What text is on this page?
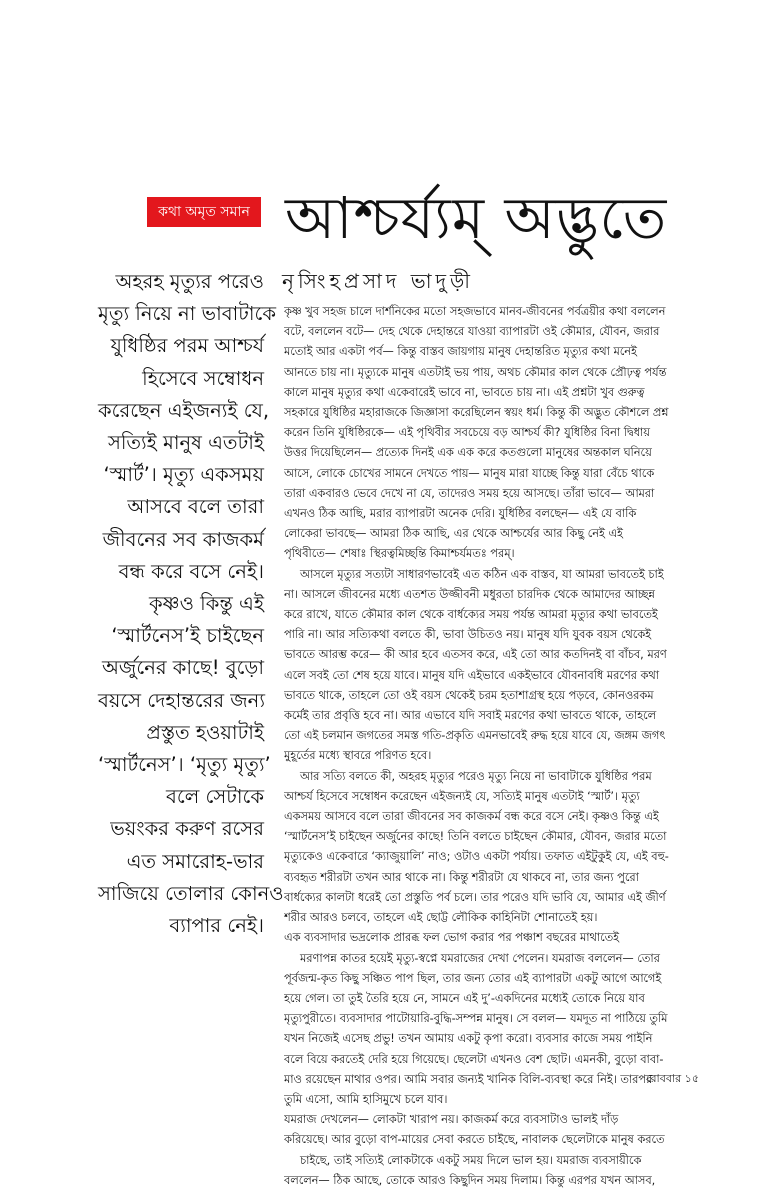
কথা অমৃত সমান আশ্চর্য্যম্ অদ্ভুতে
নৃসিংহপ্রসাদ ভাদুড়ী
অহরহ মৃত্যুর পরেও
মৃত্যু নিয়ে না ভাবাটাকে
যুধিষ্ঠির পরম আশ্চর্য
হিসেবে সম্বোধন
করেছেন এইজন্যই যে,
সত্যিই মানুষ এতটাই
‘স্মার্ট’। মৃত্যু একসময়
আসবে বলে তারা
জীবনের সব কাজকর্ম
বন্ধ করে বসে নেই।
কৃষ্ণও কিন্তু এই
‘স্মার্টনেস’ই চাইছেন
অর্জুনের কাছে! বুড়ো
বয়সে দেহান্তরের জন্য
প্রস্তুত হওয়াটাই
‘স্মার্টনেস’। ‘মৃত্যু মৃত্যু’
বলে সেটাকে
ভয়ংকর করুণ রসের
এত সমারোহ-ভার
সাজিয়ে তোলার কোনও
ব্যাপার নেই।
কৃষ্ণ খুব সহজ চালে দার্শনিকের মতো সহজভাবে মানব-জীবনের পর্বত্রয়ীর কথা বললেন
বটে, বললেন বটে— দেহ থেকে দেহান্তরে যাওয়া ব্যাপারটা ওই কৌমার, যৌবন, জরার
মতোই আর একটা পর্ব— কিন্তু বাস্তব জায়গায় মানুষ দেহান্তরিত মৃত্যুর কথা মনেই
আনতে চায় না। মৃত্যুকে মানুষ এতটাই ভয় পায়, অথচ কৌমার কাল থেকে প্রৌঢ়ত্ব পর্যন্ত
কালে মানুষ মৃত্যুর কথা একেবারেই ভাবে না, ভাবতে চায় না। এই প্রশ্নটা খুব গুরুত্ব
সহকারে যুধিষ্ঠির মহারাজকে জিজ্ঞাসা করেছিলেন স্বয়ং ধর্ম। কিন্তু কী অদ্ভুত কৌশলে প্রশ্ন
করেন তিনি যুধিষ্ঠিরকে— এই পৃথিবীর সবচেয়ে বড় আশ্চর্য কী? যুধিষ্ঠির বিনা দ্বিধায়
উত্তর দিয়েছিলেন— প্রত্যেক দিনই এক এক করে কতগুলো মানুষের অন্তকাল ঘনিয়ে
আসে, লোকে চোখের সামনে দেখতে পায়— মানুষ মারা যাচ্ছে কিন্তু যারা বেঁচে থাকে
তারা একবারও ভেবে দেখে না যে, তাদেরও সময় হয়ে আসছে। তাঁরা ভাবে— আমরা
এখনও ঠিক আছি, মরার ব্যাপারটা অনেক দেরি। যুধিষ্ঠির বলছেন— এই যে বাকি
লোকেরা ভাবছে— আমরা ঠিক আছি, এর থেকে আশ্চর্যের আর কিছু নেই এই
পৃথিবীতে— শেষাঃ স্থিরত্বমিচ্ছন্তি কিমাশ্চর্যমতঃ পরম্।
আসলে মৃত্যুর সত্যটা সাধারণভাবেই এত কঠিন এক বাস্তব, যা আমরা ভাবতেই চাই
না। আসলে জীবনের মধ্যে এতশত উজ্জীবনী মধুরতা চারদিক থেকে আমাদের আচ্ছন্ন
করে রাখে, যাতে কৌমার কাল থেকে বার্ধক্যের সময় পর্যন্ত আমরা মৃত্যুর কথা ভাবতেই
পারি না। আর সত্যিকথা বলতে কী, ভাবা উচিতও নয়। মানুষ যদি যুবক বয়স থেকেই
ভাবতে আরম্ভ করে— কী আর হবে এতসব করে, এই তো আর কতদিনই বা বাঁচব, মরণ
এলে সবই তো শেষ হয়ে যাবে। মানুষ যদি এইভাবে একইভাবে যৌবনাবধি মরণের কথা
ভাবতে থাকে, তাহলে তো ওই বয়স থেকেই চরম হতাশাগ্রস্থ হয়ে পড়বে, কোনওরকম
কর্মেই তার প্রবৃত্তি হবে না। আর এভাবে যদি সবাই মরণের কথা ভাবতে থাকে, তাহলে
তো এই চলমান জগতের সমস্ত গতি-প্রকৃতি এমনভাবেই রুদ্ধ হয়ে যাবে যে, জঙ্গম জগৎ
মুহূর্তের মধ্যে স্থাবরে পরিণত হবে।
আর সত্যি বলতে কী, অহরহ মৃত্যুর পরেও মৃত্যু নিয়ে না ভাবাটাকে যুধিষ্ঠির পরম
আশ্চর্য হিসেবে সম্বোধন করেছেন এইজন্যই যে, সত্যিই মানুষ এতটাই ‘স্মার্ট’। মৃত্যু
একসময় আসবে বলে তারা জীবনের সব কাজকর্ম বন্ধ করে বসে নেই। কৃষ্ণও কিন্তু এই
‘স্মার্টনেস’ই চাইছেন অর্জুনের কাছে! তিনি বলতে চাইছেন কৌমার, যৌবন, জরার মতো
মৃত্যুকেও একেবারে ‘ক্যাজুয়ালি’ নাও; ওটাও একটা পর্যায়। তফাত এইটুকুই যে, এই বহু-
ব্যবহৃত শরীরটা তখন আর থাকে না। কিন্তু শরীরটা যে থাকবে না, তার জন্য পুরো
বার্ধক্যের কালটা ধরেই তো প্রস্তুতি পর্ব চলে। তার পরেও যদি ভাবি যে, আমার এই জীর্ণ
শরীর আরও চলবে, তাহলে এই ছোট্ট লৌকিক কাহিনিটা শোনাতেই হয়।
এক ব্যবসাদার ভদ্রলোক প্রারব্ধ ফল ভোগ করার পর পঞ্চাশ বছরের মাথাতেই
মরণাপন্ন কাতর হয়েই মৃত্যু-স্বপ্নে যমরাজের দেখা পেলেন। যমরাজ বললেন— তোর
পূর্বজন্ম-কৃত কিছু সঞ্চিত পাপ ছিল, তার জন্য তোর এই ব্যাপারটা একটু আগে আগেই
হয়ে গেল। তা তুই তৈরি হয়ে নে, সামনে এই দু’-একদিনের মধ্যেই তোকে নিয়ে যাব
মৃত্যুপুরীতে। ব্যবসাদার পাটোয়ারি-বুদ্ধি-সম্পন্ন মানুষ। সে বলল— যমদূত না পাঠিয়ে তুমি
যখন নিজেই এসেছ প্রভু! তখন আমায় একটু কৃপা করো। ব্যবসার কাজে সময় পাইনি
বলে বিয়ে করতেই দেরি হয়ে গিয়েছে। ছেলেটা এখনও বেশ ছোট। এমনকী, বুড়ো বাবা-
মাও রয়েছেন মাথার ওপর। আমি সবার জন্যই খানিক বিলি-ব্যবস্থা করে নিই। তারপর
তুমি এসো, আমি হাসিমুখে চলে যাব।
যমরাজ দেখলেন— লোকটা খারাপ নয়। কাজকর্ম করে ব্যবসাটাও ভালই দাঁড়
করিয়েছে। আর বুড়ো বাপ-মায়ের সেবা করতে চাইছে, নাবালক ছেলেটাকে মানুষ করতে
চাইছে, তাই সত্যিই লোকটাকে একটু সময় দিলে ভাল হয়। যমরাজ ব্যবসায়ীকে
বললেন— ঠিক আছে, তোকে আরও কিছুদিন সময় দিলাম। কিন্তু এরপর যখন আসব,
রোববার ১৫
